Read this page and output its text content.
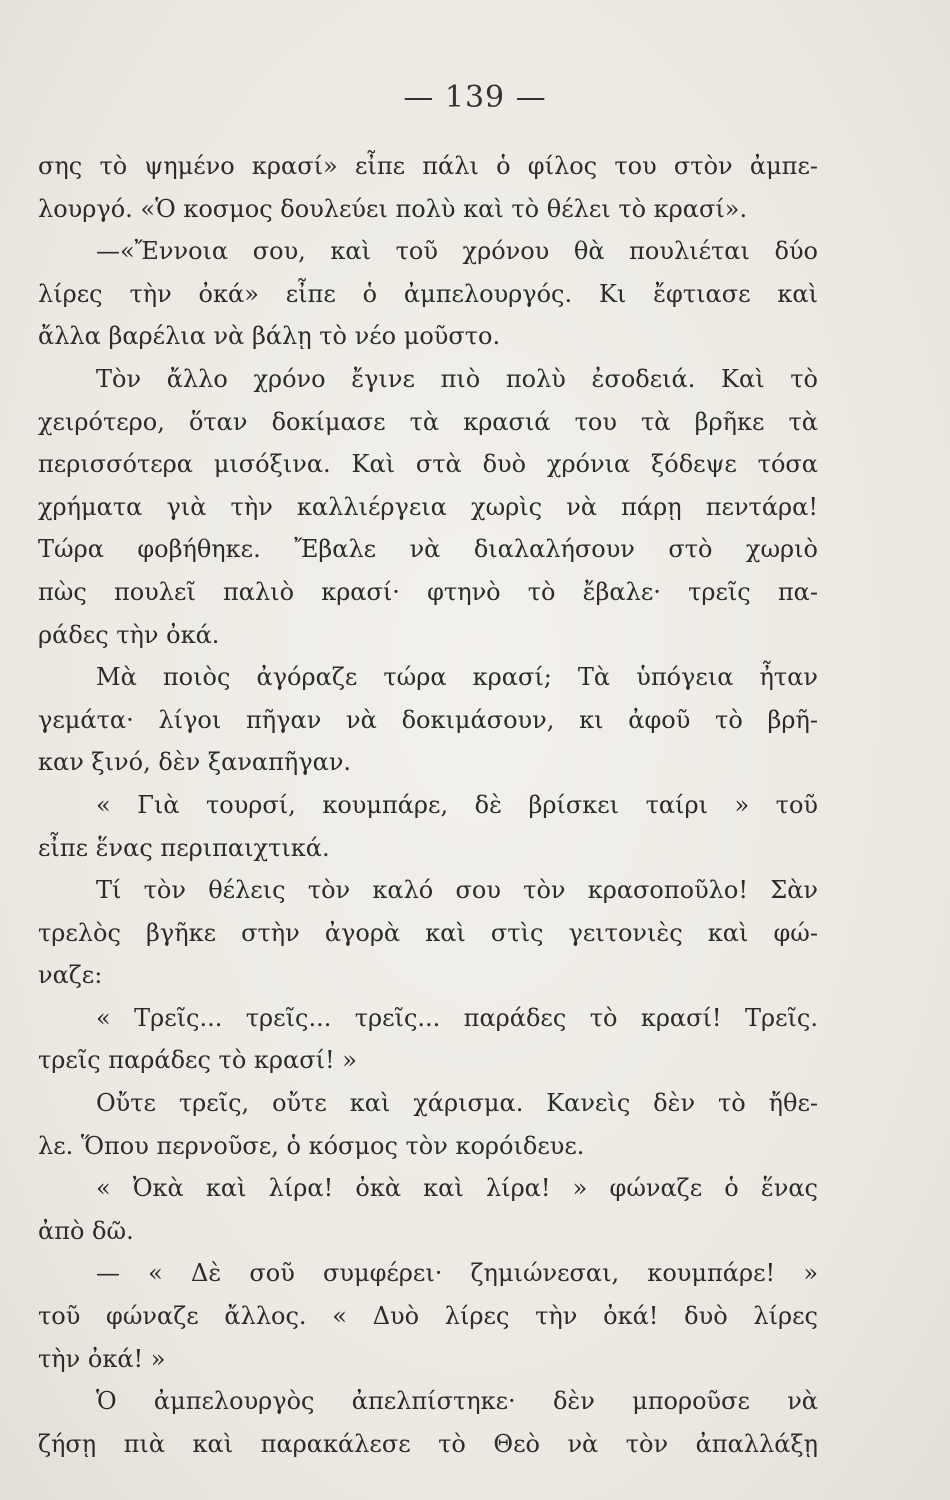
— 139 —
σης τὸ ψημένο κρασί» εἶπε πάλι ὁ φίλος του στὸν ἀμπε-
λουργό. «Ὁ κοσμος δουλεύει πολὺ καὶ τὸ θέλει τὸ κρασί».
—«Ἔννοια σου, καὶ τοῦ χρόνου θὰ πουλιέται δύο
λίρες τὴν ὀκά» εἶπε ὁ ἀμπελουργός. Κι ἔφτιασε καὶ
ἄλλα βαρέλια νὰ βάλῃ τὸ νέο μοῦστο.
Τὸν ἄλλο χρόνο ἔγινε πιὸ πολὺ ἐσοδειά. Καὶ τὸ
χειρότερο, ὅταν δοκίμασε τὰ κρασιά του τὰ βρῆκε τὰ
περισσότερα μισόξινα. Καὶ στὰ δυὸ χρόνια ξόδεψε τόσα
χρήματα γιὰ τὴν καλλιέργεια χωρὶς νὰ πάρῃ πεντάρα!
Τώρα φοβήθηκε. Ἔβαλε νὰ διαλαλήσουν στὸ χωριὸ
πὼς πουλεῖ παλιὸ κρασί· φτηνὸ τὸ ἔβαλε· τρεῖς πα-
ράδες τὴν ὀκά.
Μὰ ποιὸς ἀγόραζε τώρα κρασί; Τὰ ὑπόγεια ἦταν
γεμάτα· λίγοι πῆγαν νὰ δοκιμάσουν, κι ἀφοῦ τὸ βρῆ-
καν ξινό, δὲν ξαναπῆγαν.
« Γιὰ τουρσί, κουμπάρε, δὲ βρίσκει ταίρι » τοῦ
εἶπε ἕνας περιπαιχτικά.
Τί τὸν θέλεις τὸν καλό σου τὸν κρασοποῦλο! Σὰν
τρελὸς βγῆκε στὴν ἀγορὰ καὶ στὶς γειτονιὲς καὶ φώ-
ναζε:
« Τρεῖς... τρεῖς... τρεῖς... παράδες τὸ κρασί! Τρεῖς.
τρεῖς παράδες τὸ κρασί! »
Οὔτε τρεῖς, οὔτε καὶ χάρισμα. Κανεὶς δὲν τὸ ἤθε-
λε. Ὅπου περνοῦσε, ὁ κόσμος τὸν κορόιδευε.
« Ὀκὰ καὶ λίρα! ὀκὰ καὶ λίρα! » φώναζε ὁ ἕνας
ἀπὸ δῶ.
— « Δὲ σοῦ συμφέρει· ζημιώνεσαι, κουμπάρε! »
τοῦ φώναζε ἄλλος. « Δυὸ λίρες τὴν ὀκά! δυὸ λίρες
τὴν ὀκά! »
Ὁ ἀμπελουργὸς ἀπελπίστηκε· δὲν μποροῦσε νὰ
ζήσῃ πιὰ καὶ παρακάλεσε τὸ Θεὸ νὰ τὸν ἀπαλλάξῃ
